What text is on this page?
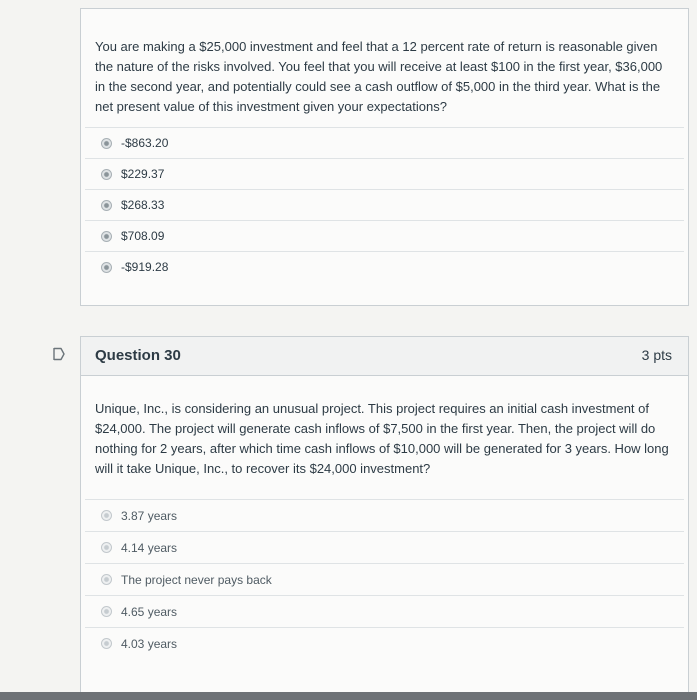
You are making a $25,000 investment and feel that a 12 percent rate of return is reasonable given the nature of the risks involved. You feel that you will receive at least $100 in the first year, $36,000 in the second year, and potentially could see a cash outflow of $5,000 in the third year. What is the net present value of this investment given your expectations?
-$863.20
$229.37
$268.33
$708.09
-$919.28
Question 30	3 pts
Unique, Inc., is considering an unusual project. This project requires an initial cash investment of $24,000. The project will generate cash inflows of $7,500 in the first year. Then, the project will do nothing for 2 years, after which time cash inflows of $10,000 will be generated for 3 years. How long will it take Unique, Inc., to recover its $24,000 investment?
3.87 years
4.14 years
The project never pays back
4.65 years
4.03 years
